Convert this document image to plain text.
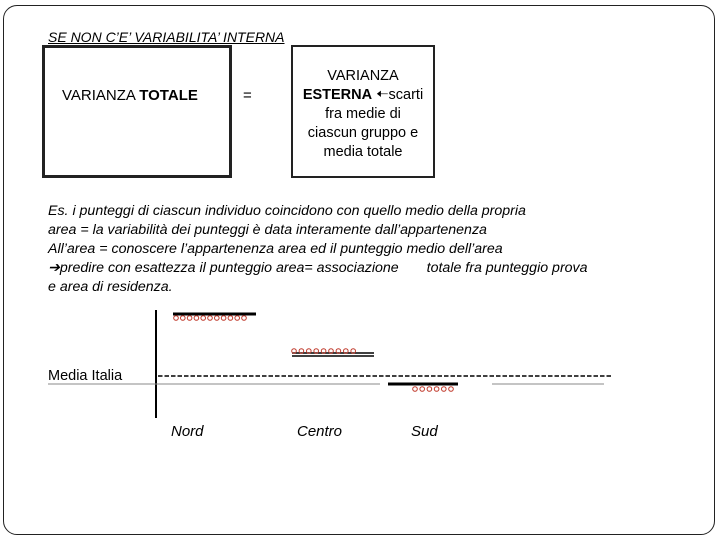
SE NON C’E’ VARIABILITA’ INTERNA
VARIANZA TOTALE	=
VARIANZA
ESTERNA 🠠scarti
fra medie di
ciascun gruppo e
media totale
Es. i punteggi di ciascun individuo coincidono con quello medio della propria
area = la variabilità dei punteggi è data interamente dall’appartenenza
All’area = conoscere l’appartenenza area ed il punteggio medio dell’area
➔predire con esattezza il punteggio area= associazione totale fra punteggio prova
e area di residenza.
Media Italia
Nord	Centro	Sud
